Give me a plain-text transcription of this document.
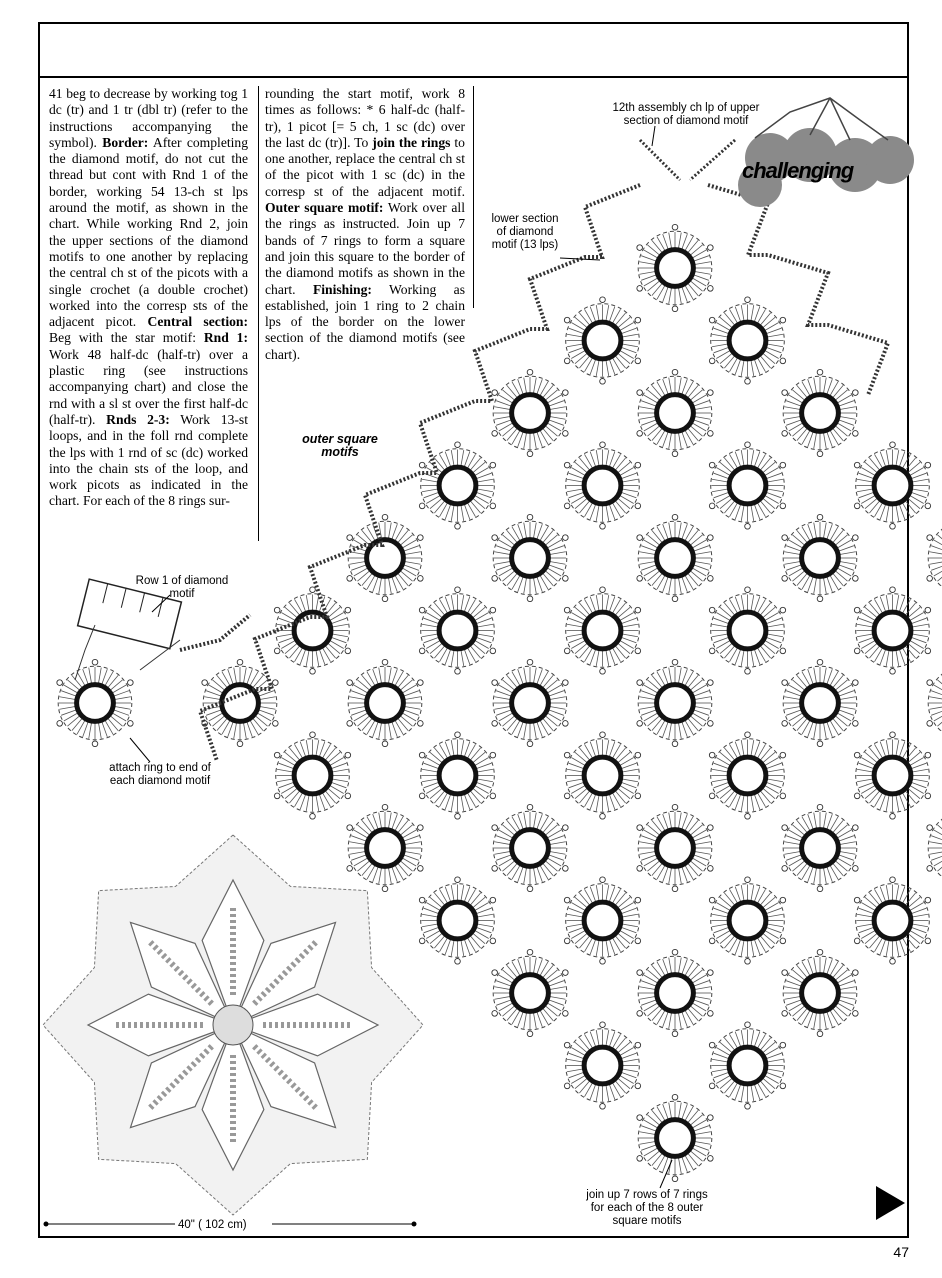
41 beg to decrease by working tog 1 dc (tr) and 1 tr (dbl tr) (refer to the instructions accompanying the symbol). Border: After completing the diamond motif, do not cut the thread but cont with Rnd 1 of the border, working 54 13-ch st lps around the motif, as shown in the chart. While working Rnd 2, join the upper sections of the diamond motifs to one another by replacing the central ch st of the picots with a single crochet (a double crochet) worked into the corresp sts of the adjacent picot. Central section: Beg with the star motif: Rnd 1: Work 48 half-dc (half-tr) over a plastic ring (see instructions accompanying chart) and close the rnd with a sl st over the first half-dc (half-tr). Rnds 2-3: Work 13-st loops, and in the foll rnd complete the lps with 1 rnd of sc (dc) worked into the chain sts of the loop, and work picots as indicated in the chart. For each of the 8 rings sur-

rounding the start motif, work 8 times as follows: * 6 half-dc (half-tr), 1 picot [= 5 ch, 1 sc (dc) over the last dc (tr)]. To join the rings to one another, replace the central ch st of the picot with 1 sc (dc) in the corresp st of the adjacent motif. Outer square motif: Work over all the rings as instructed. Join up 7 bands of 7 rings to form a square and join this square to the border of the diamond motifs as shown in the chart. Finishing: Working as established, join 1 ring to 2 chain lps of the border on the lower section of the diamond motifs (see chart).

challenging
12th assembly ch lp of upper
section of diamond motif
lower section
of diamond
motif (13 lps)
outer square
motifs
Row 1 of diamond
motif
attach ring to end of
each diamond motif
join up 7 rows of 7 rings
for each of the 8 outer
square motifs
40" ( 102 cm)
47
